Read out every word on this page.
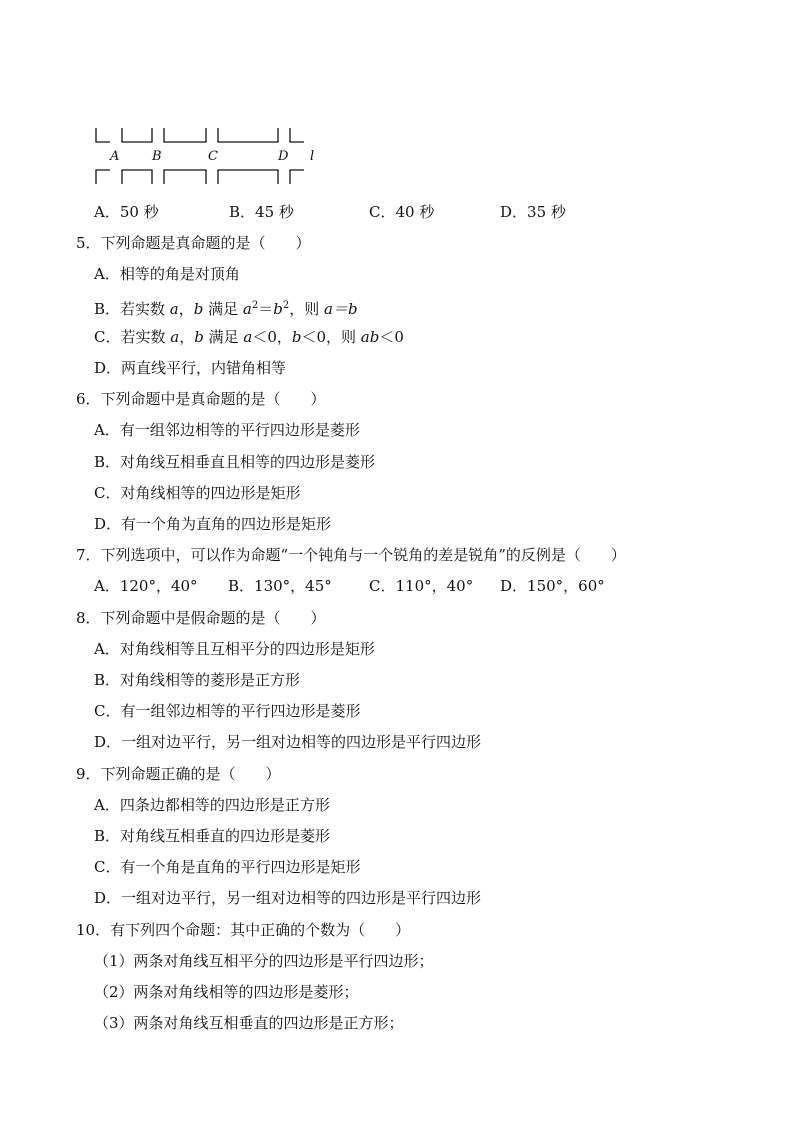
A	B	C	D l
A．50 秒	B．45 秒	C．40 秒	D．35 秒
5．下列命题是真命题的是（　　）
A．相等的角是对顶角
B．若实数 a，b 满足 $a^2=b^2$，则 a＝b
C．若实数 a，b 满足 a＜0，b＜0，则 ab＜0
D．两直线平行，内错角相等
6．下列命题中是真命题的是（　　）
A．有一组邻边相等的平行四边形是菱形
B．对角线互相垂直且相等的四边形是菱形
C．对角线相等的四边形是矩形
D．有一个角为直角的四边形是矩形
7．下列选项中，可以作为命题“一个钝角与一个锐角的差是锐角”的反例是（　　）
A．120°，40° B．130°，45° C．110°，40° D．150°，60°
8．下列命题中是假命题的是（　　）
A．对角线相等且互相平分的四边形是矩形
B．对角线相等的菱形是正方形
C．有一组邻边相等的平行四边形是菱形
D．一组对边平行，另一组对边相等的四边形是平行四边形
9．下列命题正确的是（　　）
A．四条边都相等的四边形是正方形
B．对角线互相垂直的四边形是菱形
C．有一个角是直角的平行四边形是矩形
D．一组对边平行，另一组对边相等的四边形是平行四边形
10．有下列四个命题：其中正确的个数为（　　）
（1）两条对角线互相平分的四边形是平行四边形；
（2）两条对角线相等的四边形是菱形；
（3）两条对角线互相垂直的四边形是正方形；
